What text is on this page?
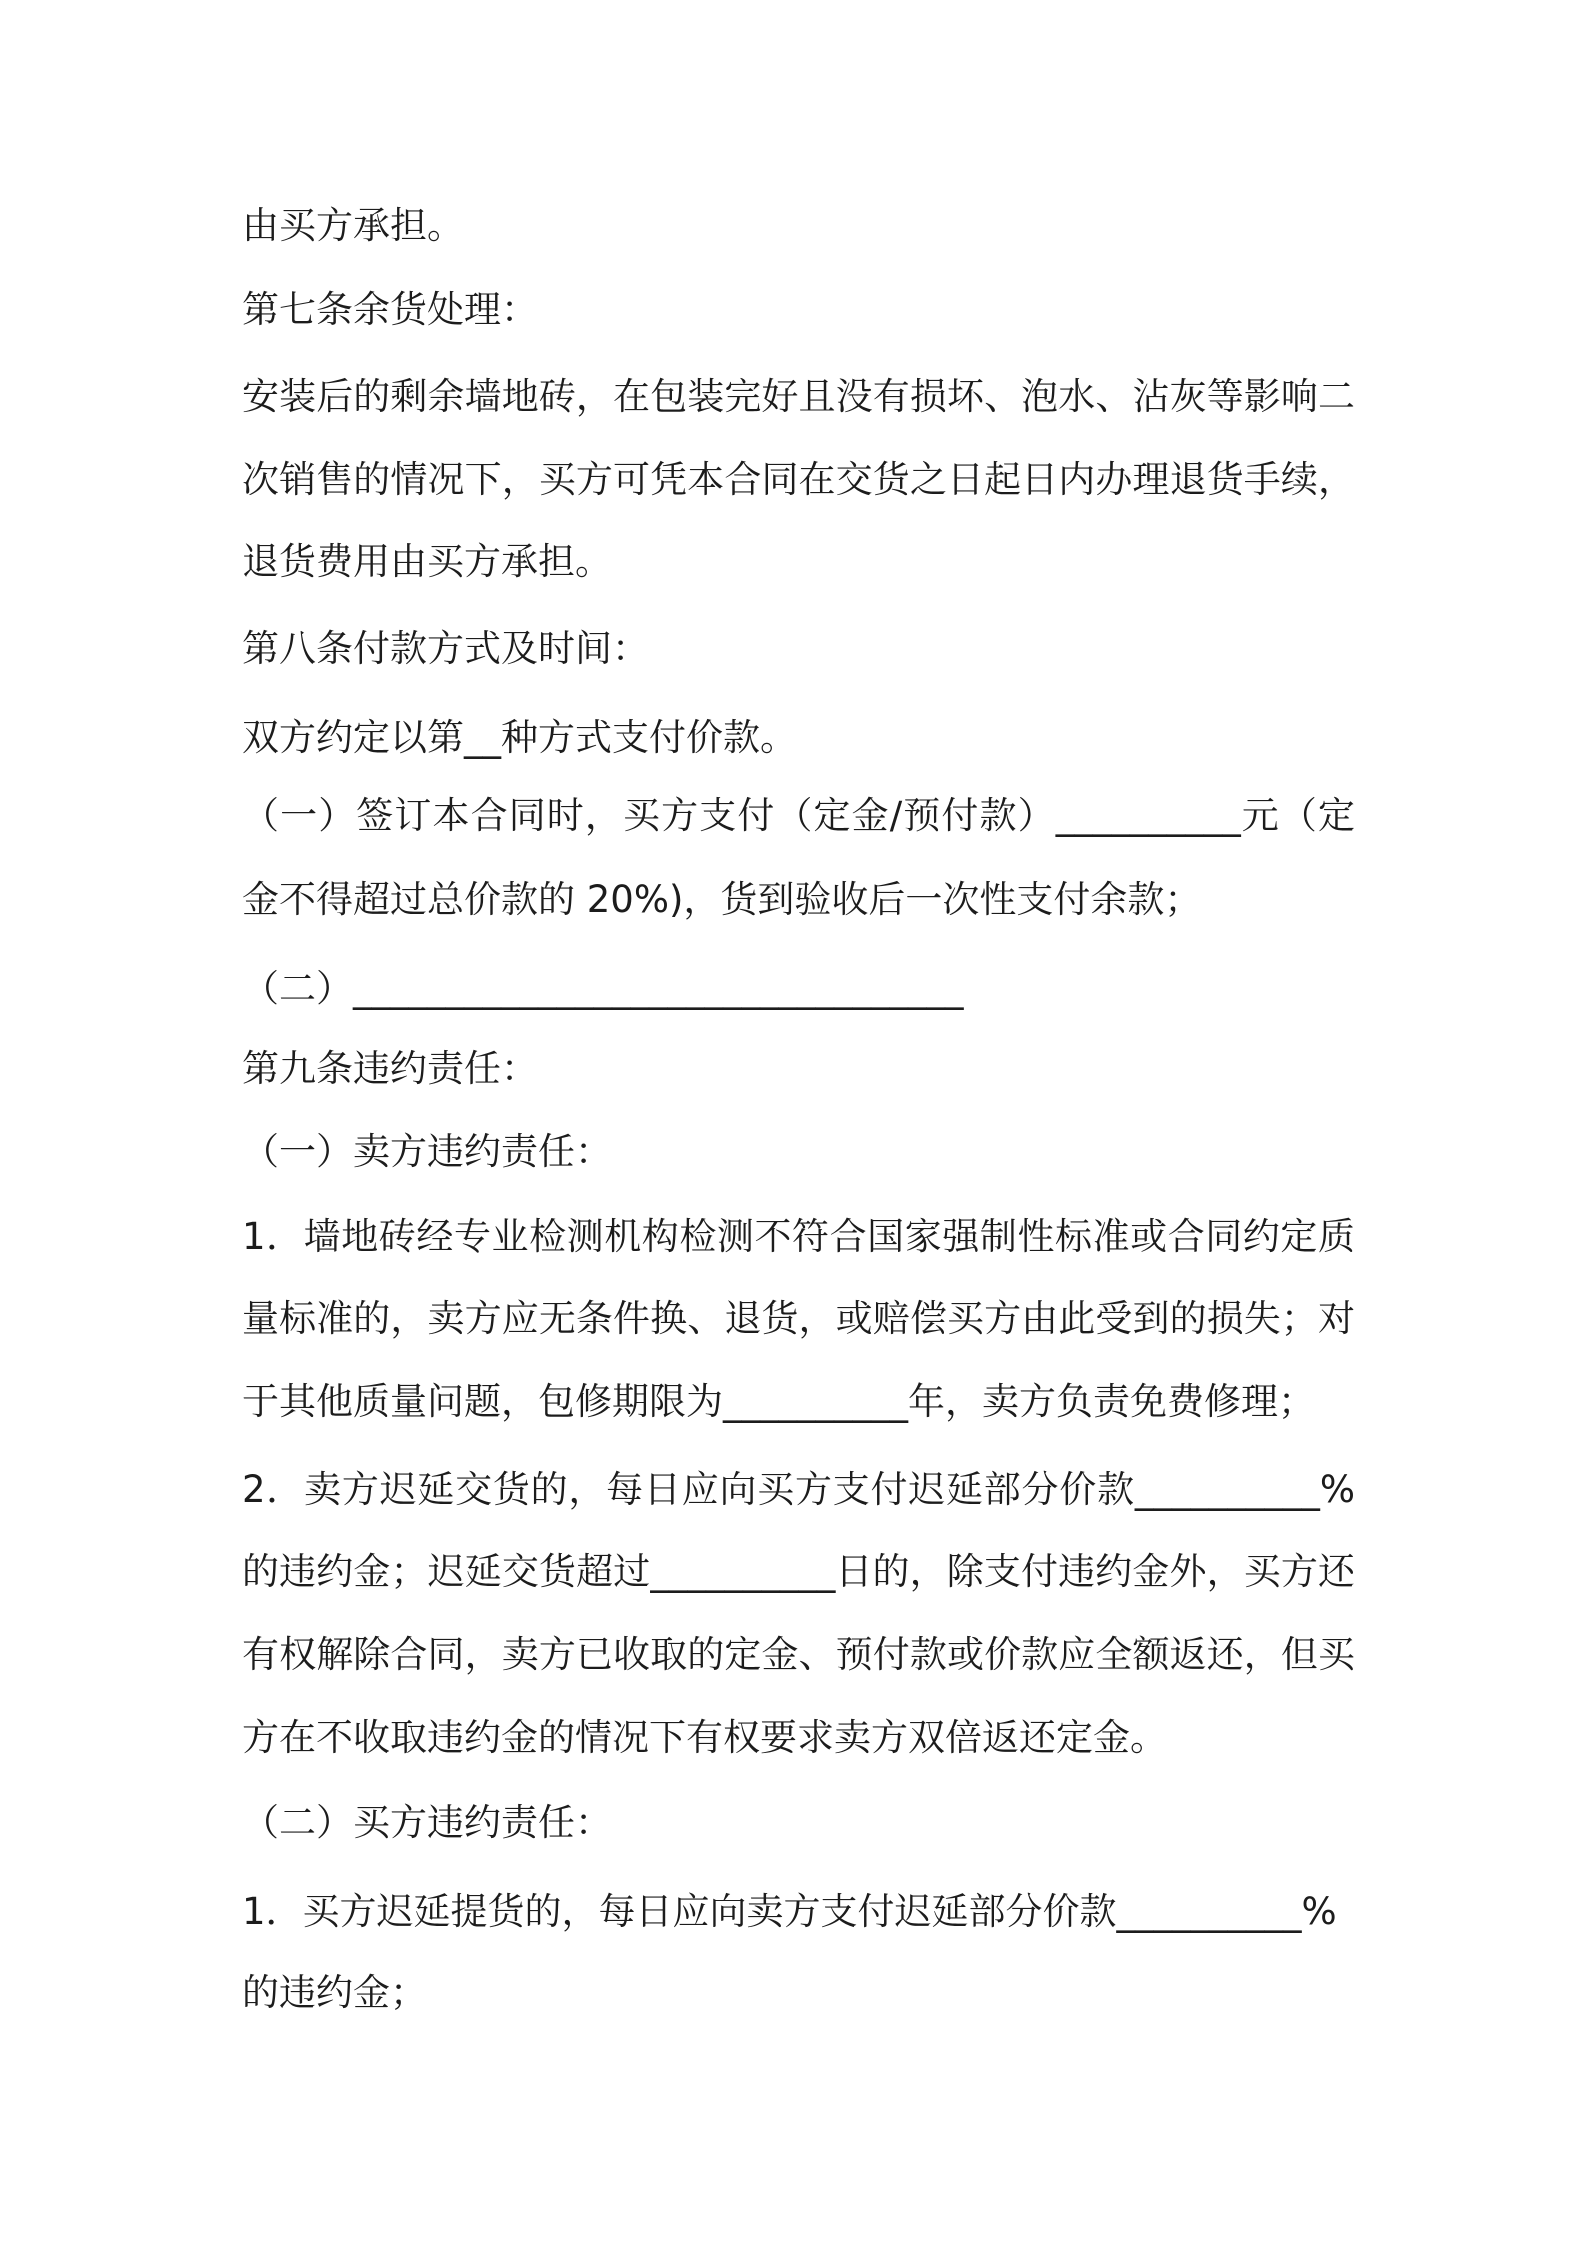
由买方承担。
第七条余货处理：
安装后的剩余墙地砖，在包装完好且没有损坏、泡水、沾灰等影响二
次销售的情况下，买方可凭本合同在交货之日起日内办理退货手续，
退货费用由买方承担。
第八条付款方式及时间：
双方约定以第__种方式支付价款。
（一）签订本合同时，买方支付（定金/预付款）__________元（定
金不得超过总价款的 20%)，货到验收后一次性支付余款；
（二）_________________________________
第九条违约责任：
（一）卖方违约责任：
1．墙地砖经专业检测机构检测不符合国家强制性标准或合同约定质
量标准的，卖方应无条件换、退货，或赔偿买方由此受到的损失；对
于其他质量问题，包修期限为__________年，卖方负责免费修理；
2．卖方迟延交货的，每日应向买方支付迟延部分价款__________%
的违约金；迟延交货超过__________日的，除支付违约金外，买方还
有权解除合同，卖方已收取的定金、预付款或价款应全额返还，但买
方在不收取违约金的情况下有权要求卖方双倍返还定金。
（二）买方违约责任：
1．买方迟延提货的，每日应向卖方支付迟延部分价款__________%
的违约金；
